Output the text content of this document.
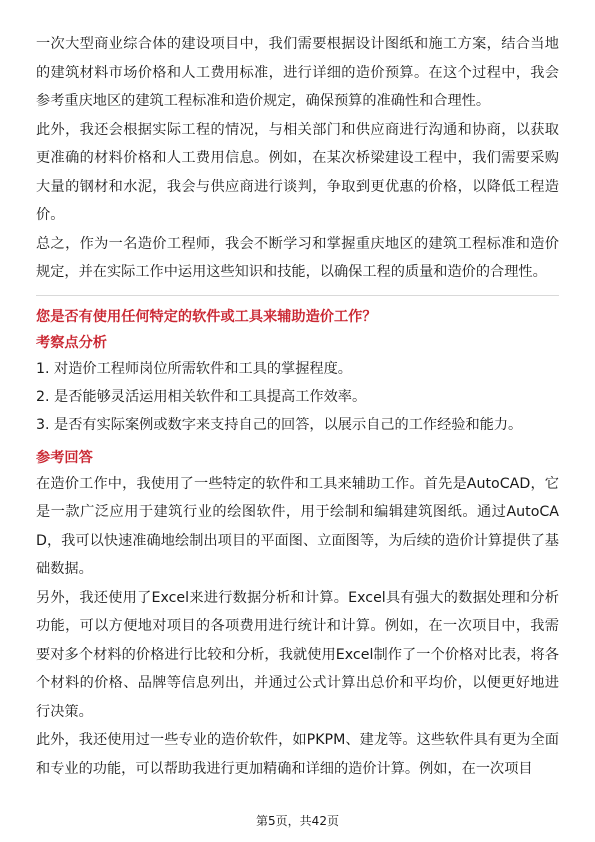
一次大型商业综合体的建设项目中，我们需要根据设计图纸和施工方案，结合当地的建筑材料市场价格和人工费用标准，进行详细的造价预算。在这个过程中，我会参考重庆地区的建筑工程标准和造价规定，确保预算的准确性和合理性。

此外，我还会根据实际工程的情况，与相关部门和供应商进行沟通和协商，以获取更准确的材料价格和人工费用信息。例如，在某次桥梁建设工程中，我们需要采购大量的钢材和水泥，我会与供应商进行谈判，争取到更优惠的价格，以降低工程造价。

总之，作为一名造价工程师，我会不断学习和掌握重庆地区的建筑工程标准和造价规定，并在实际工作中运用这些知识和技能，以确保工程的质量和造价的合理性。

您是否有使用任何特定的软件或工具来辅助造价工作？

考察点分析

1. 对造价工程师岗位所需软件和工具的掌握程度。

2. 是否能够灵活运用相关软件和工具提高工作效率。

3. 是否有实际案例或数字来支持自己的回答，以展示自己的工作经验和能力。

参考回答

在造价工作中，我使用了一些特定的软件和工具来辅助工作。首先是AutoCAD，它是一款广泛应用于建筑行业的绘图软件，用于绘制和编辑建筑图纸。通过AutoCAD，我可以快速准确地绘制出项目的平面图、立面图等，为后续的造价计算提供了基础数据。

另外，我还使用了Excel来进行数据分析和计算。Excel具有强大的数据处理和分析功能，可以方便地对项目的各项费用进行统计和计算。例如，在一次项目中，我需要对多个材料的价格进行比较和分析，我就使用Excel制作了一个价格对比表，将各个材料的价格、品牌等信息列出，并通过公式计算出总价和平均价，以便更好地进行决策。

此外，我还使用过一些专业的造价软件，如PKPM、建龙等。这些软件具有更为全面和专业的功能，可以帮助我进行更加精确和详细的造价计算。例如，在一次项目

第5页，共42页
